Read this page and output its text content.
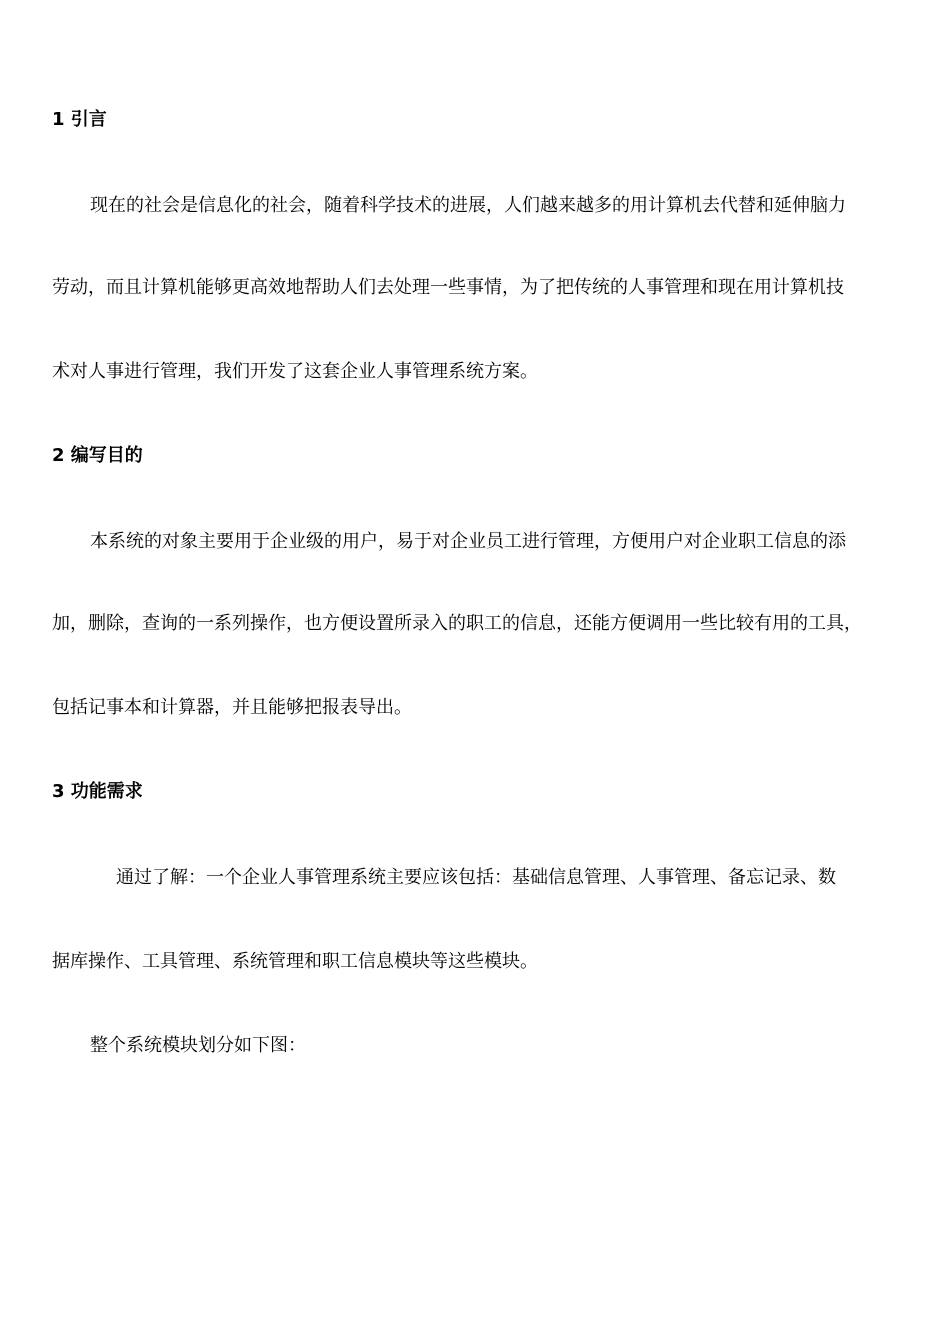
1 引言
现在的社会是信息化的社会，随着科学技术的进展，人们越来越多的用计算机去代替和延伸脑力
劳动，而且计算机能够更高效地帮助人们去处理一些事情，为了把传统的人事管理和现在用计算机技
术对人事进行管理，我们开发了这套企业人事管理系统方案。
2 编写目的
本系统的对象主要用于企业级的用户，易于对企业员工进行管理，方便用户对企业职工信息的添
加，删除，查询的一系列操作，也方便设置所录入的职工的信息，还能方便调用一些比较有用的工具，
包括记事本和计算器，并且能够把报表导出。
3 功能需求
通过了解：一个企业人事管理系统主要应该包括：基础信息管理、人事管理、备忘记录、数
据库操作、工具管理、系统管理和职工信息模块等这些模块。
整个系统模块划分如下图：
